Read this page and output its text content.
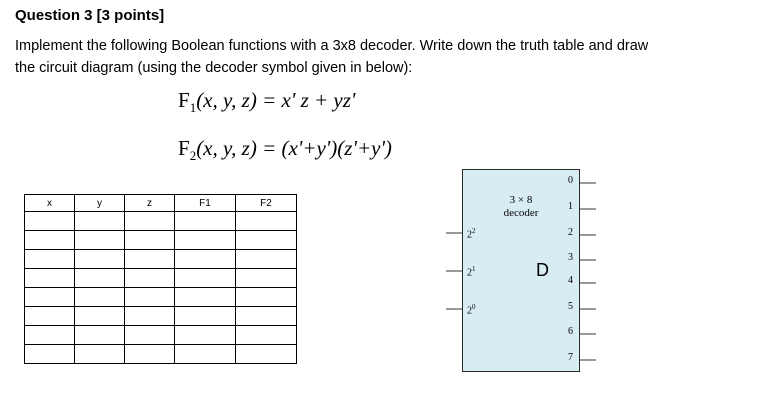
Question 3 [3 points]
Implement the following Boolean functions with a 3x8 decoder. Write down the truth table and draw
the circuit diagram (using the decoder symbol given in below):
$F_1(x$, y, z) = x' z + yz'
$F_2(x$, y, z) = (x'+y')(z'+y')
x	y	z	F1	F2

					3 × 8
decoder
$2^2$
$2^1$
$2^0$
D
0
1
2
3
4
5
6
7
